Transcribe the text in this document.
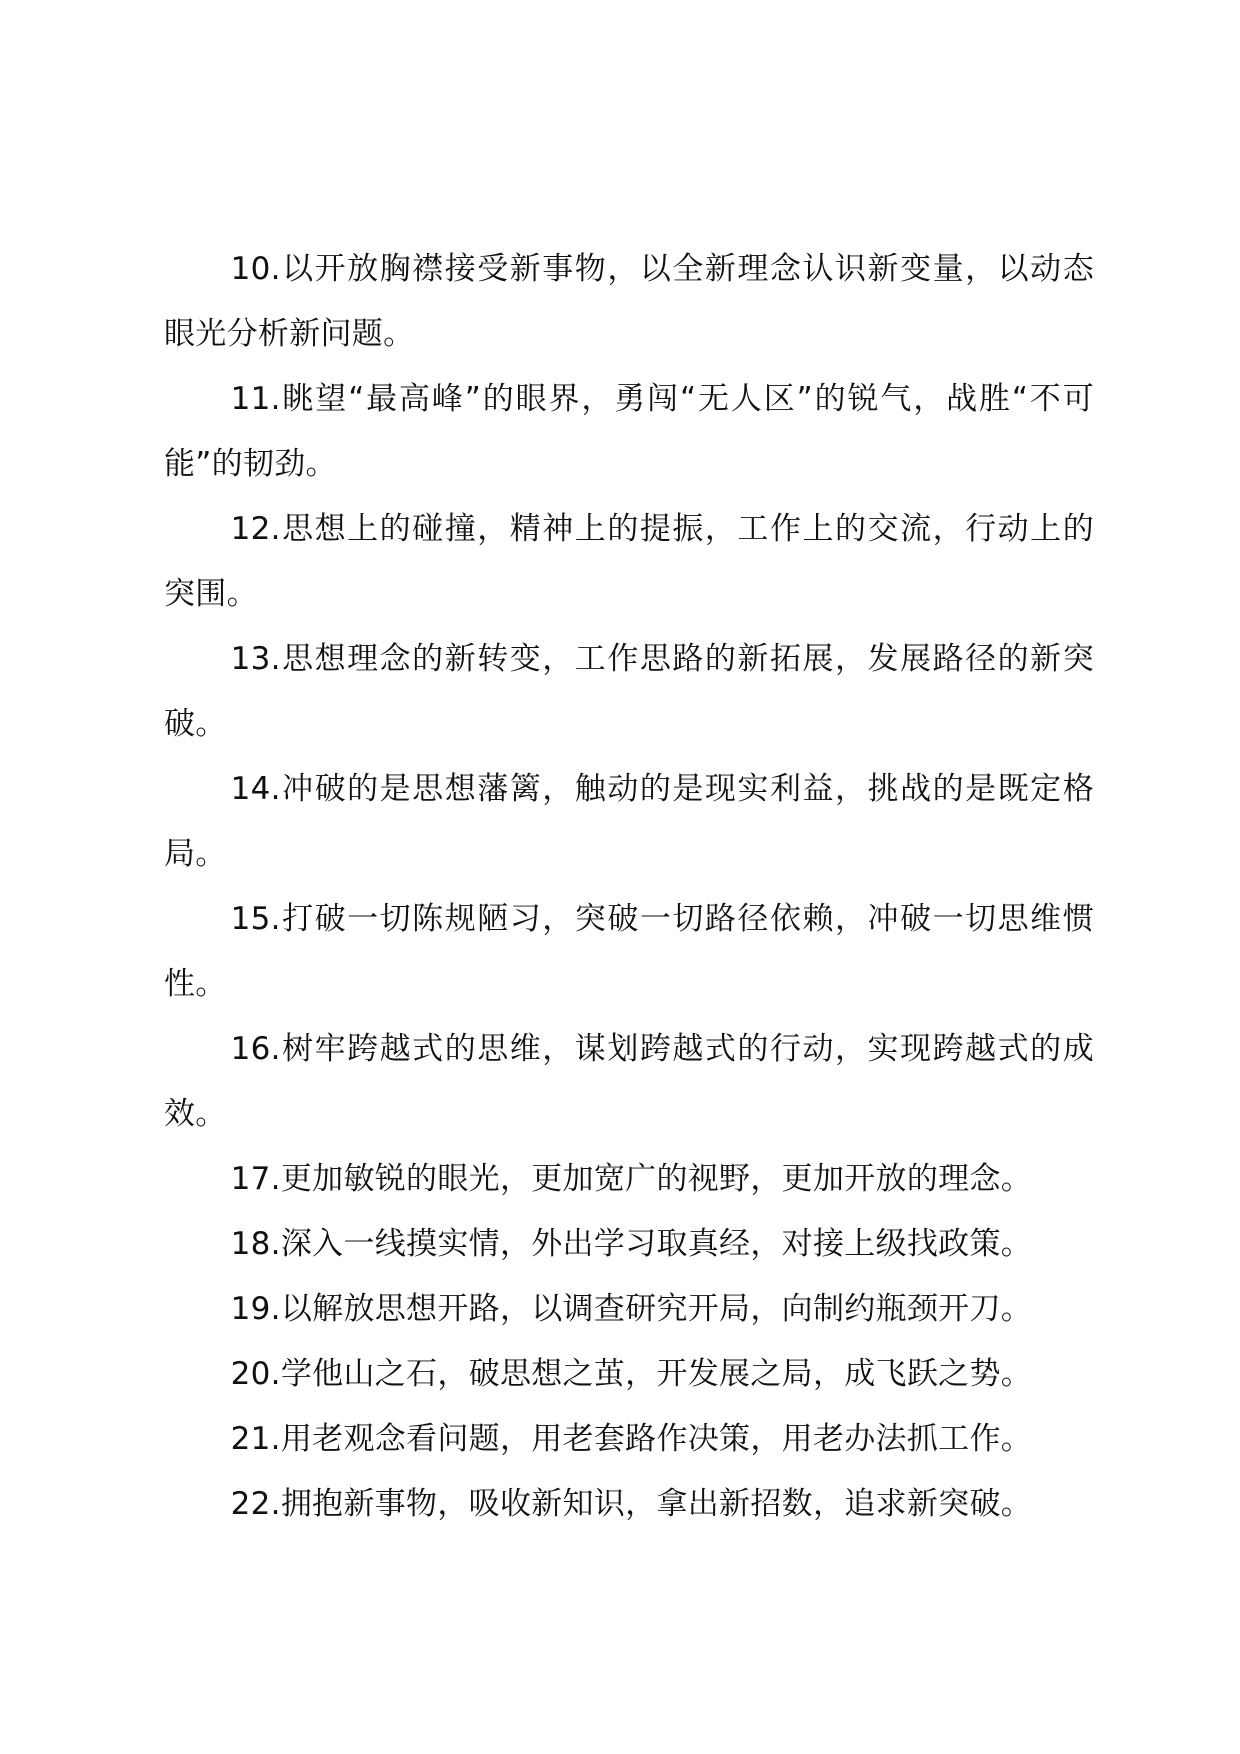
10.以开放胸襟接受新事物，以全新理念认识新变量，以动态眼光分析新问题。

11.眺望“最高峰”的眼界，勇闯“无人区”的锐气，战胜“不可能”的韧劲。

12.思想上的碰撞，精神上的提振，工作上的交流，行动上的突围。

13.思想理念的新转变，工作思路的新拓展，发展路径的新突破。

14.冲破的是思想藩篱，触动的是现实利益，挑战的是既定格局。

15.打破一切陈规陋习，突破一切路径依赖，冲破一切思维惯性。

16.树牢跨越式的思维，谋划跨越式的行动，实现跨越式的成效。

17.更加敏锐的眼光，更加宽广的视野，更加开放的理念。

18.深入一线摸实情，外出学习取真经，对接上级找政策。

19.以解放思想开路，以调查研究开局，向制约瓶颈开刀。

20.学他山之石，破思想之茧，开发展之局，成飞跃之势。

21.用老观念看问题，用老套路作决策，用老办法抓工作。

22.拥抱新事物，吸收新知识，拿出新招数，追求新突破。
